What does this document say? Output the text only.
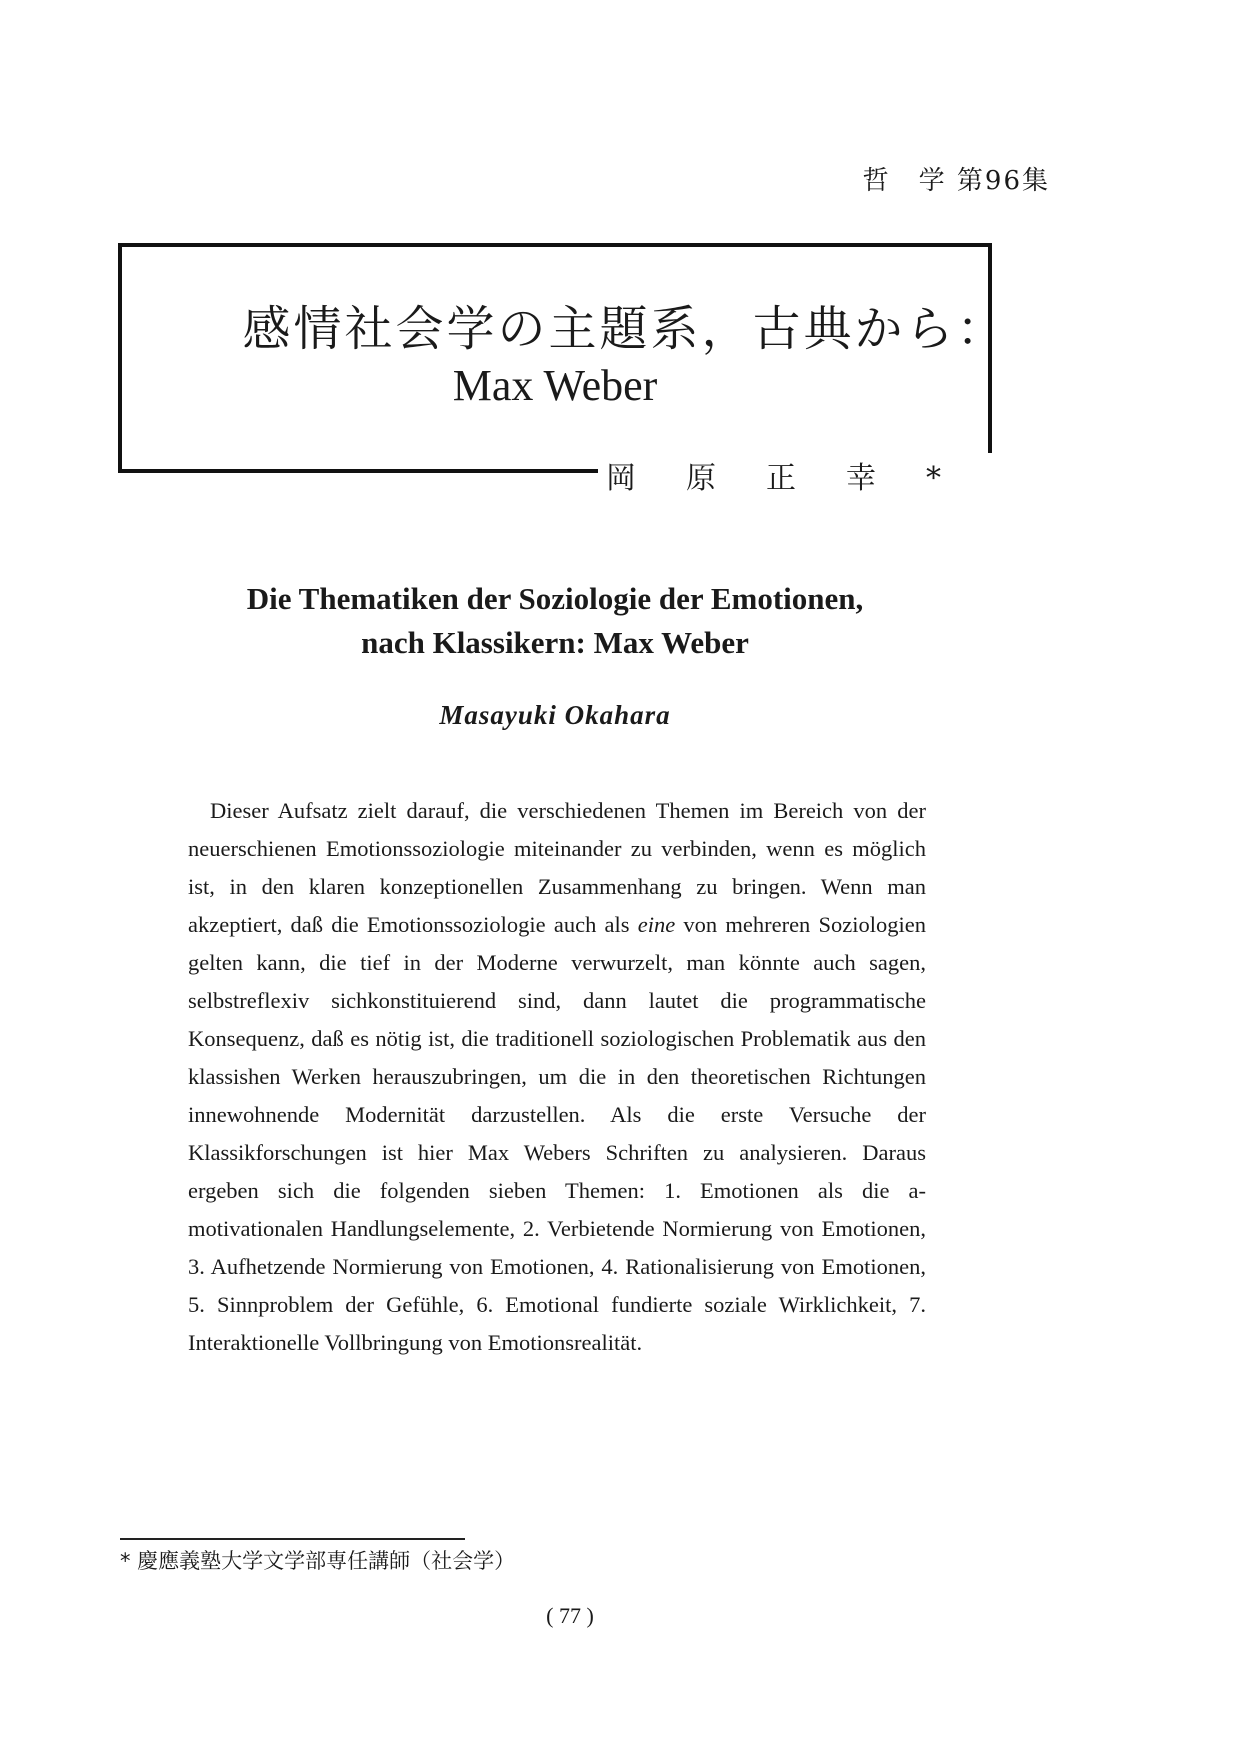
哲　学 第96集
感情社会学の主題系，古典から：
Max Weber
岡原正幸*
Die Thematiken der Soziologie der Emotionen,
nach Klassikern: Max Weber
Masayuki Okahara
Dieser Aufsatz zielt darauf, die verschiedenen Themen im Bereich von der neuerschienen Emotionssoziologie miteinander zu verbinden, wenn es möglich ist, in den klaren konzeptionellen Zusammenhang zu bringen. Wenn man akzeptiert, daß die Emotionssoziologie auch als eine von mehreren Soziologien gelten kann, die tief in der Moderne verwurzelt, man könnte auch sagen, selbstreflexiv sichkonstituierend sind, dann lautet die programmatische Konsequenz, daß es nötig ist, die traditionell soziologischen Problematik aus den klassishen Werken herauszubringen, um die in den theoretischen Richtungen innewohnende Modernität darzustellen. Als die erste Versuche der Klassikforschungen ist hier Max Webers Schriften zu analysieren. Daraus ergeben sich die folgenden sieben Themen: 1. Emotionen als die a-motivationalen Handlungselemente, 2. Verbietende Normierung von Emotionen, 3. Aufhetzende Normierung von Emotionen, 4. Rationalisierung von Emotionen, 5. Sinnproblem der Gefühle, 6. Emotional fundierte soziale Wirklichkeit, 7. Interaktionelle Vollbringung von Emotionsrealität.
* 慶應義塾大学文学部専任講師（社会学）
( 77 )
